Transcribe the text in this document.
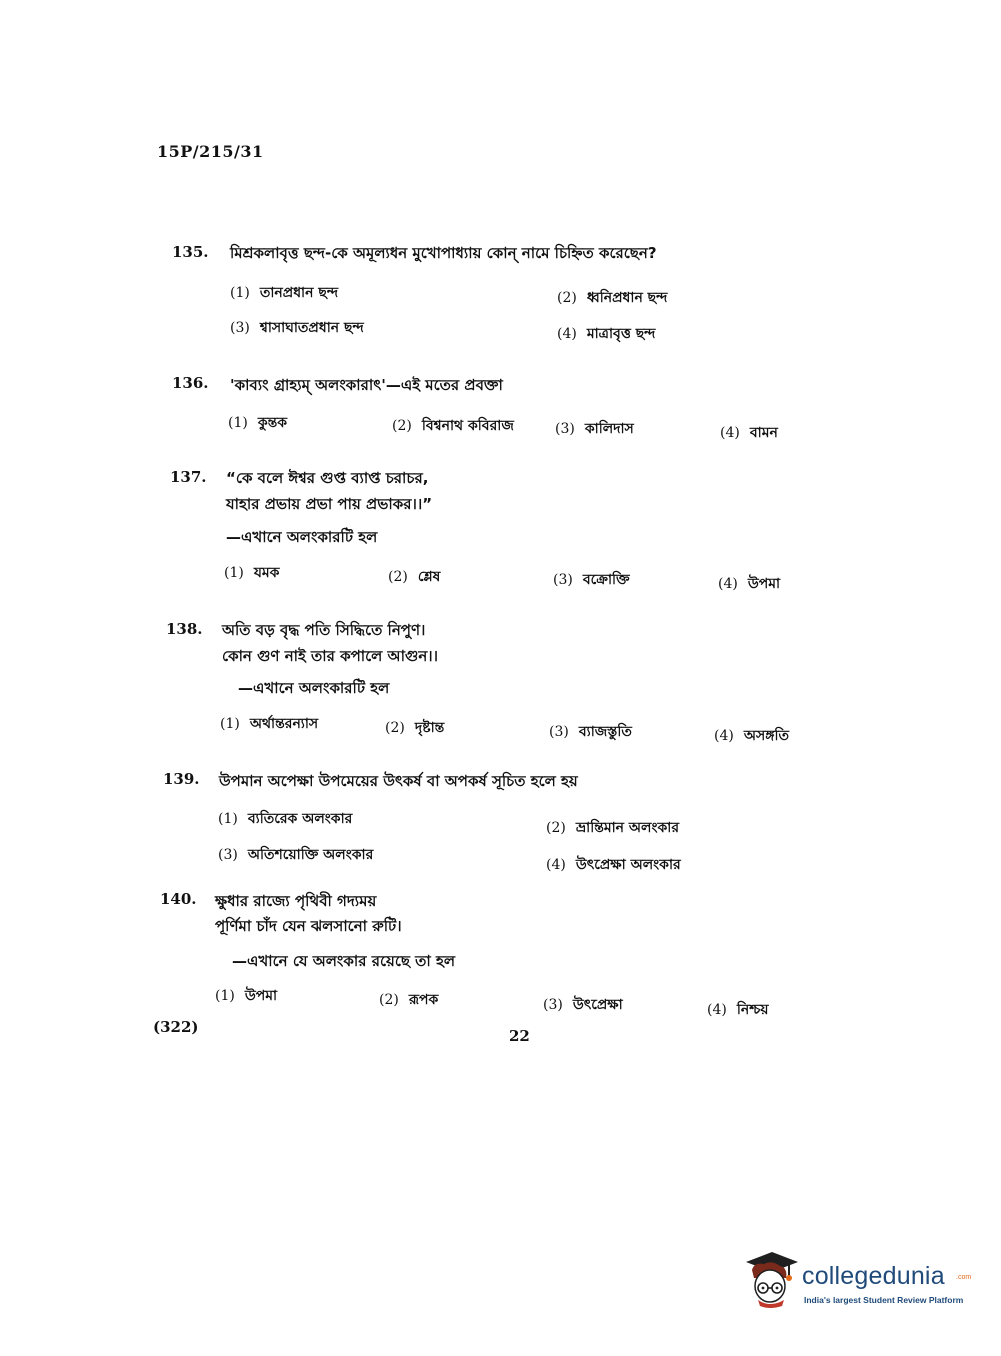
15P/215/31
135. মিশ্রকলাবৃত্ত ছন্দ-কে অমূল্যধন মুখোপাধ্যায় কোন্ নামে চিহ্নিত করেছেন?
(1) তানপ্রধান ছন্দ	(2) ধ্বনিপ্রধান ছন্দ
(3) শ্বাসাঘাতপ্রধান ছন্দ	(4) মাত্রাবৃত্ত ছন্দ
136. 'কাব্যং গ্রাহ্যম্ অলংকারাৎ'—এই মতের প্রবক্তা
(1) কুন্তক	(2) বিশ্বনাথ কবিরাজ	(3) কালিদাস	(4) বামন
137. “কে বলে ঈশ্বর গুপ্ত ব্যাপ্ত চরাচর,
যাহার প্রভায় প্রভা পায় প্রভাকর।।”
—এখানে অলংকারটি হল
(1) যমক	(2) শ্লেষ	(3) বক্রোক্তি	(4) উপমা
138. অতি বড় বৃদ্ধ পতি সিদ্ধিতে নিপুণ।
কোন গুণ নাই তার কপালে আগুন।।
—এখানে অলংকারটি হল
(1) অর্থান্তরন্যাস	(2) দৃষ্টান্ত	(3) ব্যাজস্তুতি	(4) অসঙ্গতি
139. উপমান অপেক্ষা উপমেয়ের উৎকর্ষ বা অপকর্ষ সূচিত হলে হয়
(1) ব্যতিরেক অলংকার
(2) ভ্রান্তিমান অলংকার
(3) অতিশয়োক্তি অলংকার
(4) উৎপ্রেক্ষা অলংকার
140. ক্ষুধার রাজ্যে পৃথিবী গদ্যময়
পূর্ণিমা চাঁদ যেন ঝলসানো রুটি।
—এখানে যে অলংকার রয়েছে তা হল
(1) উপমা	(2) রূপক	(3) উৎপ্রেক্ষা	(4) নিশ্চয়
(322)	22
collegedunia .com
India's largest Student Review Platform
